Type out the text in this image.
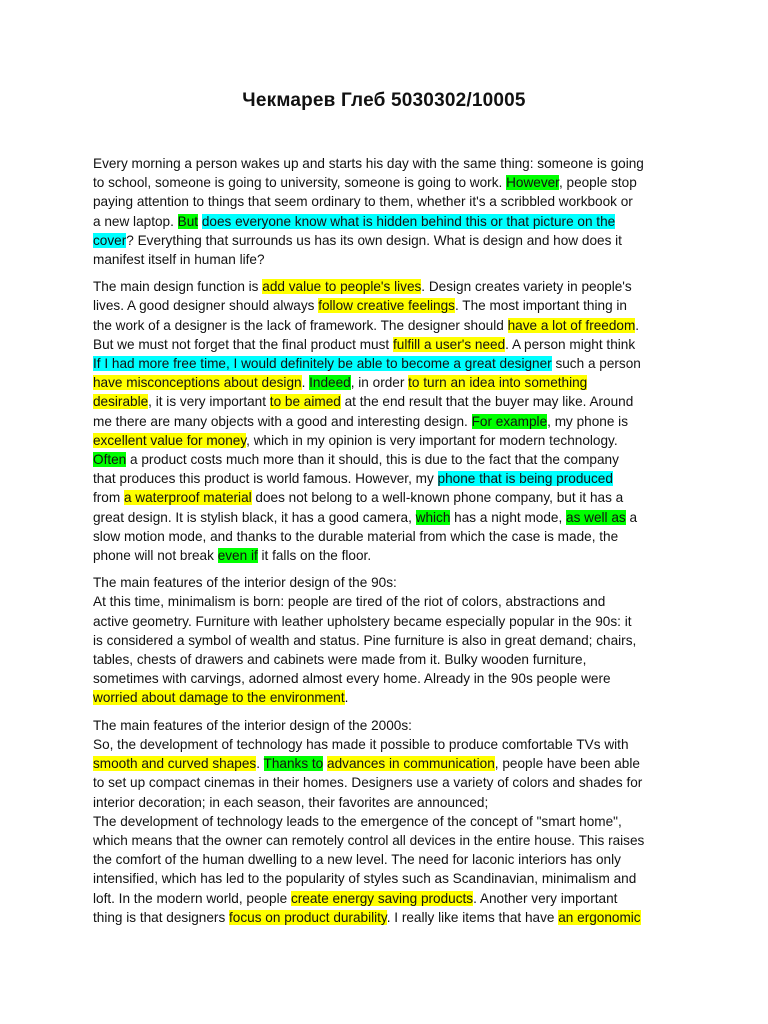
Чекмарев Глеб 5030302/10005
Every morning a person wakes up and starts his day with the same thing: someone is going
to school, someone is going to university, someone is going to work. However, people stop
paying attention to things that seem ordinary to them, whether it's a scribbled workbook or
a new laptop. But does everyone know what is hidden behind this or that picture on the
cover? Everything that surrounds us has its own design. What is design and how does it
manifest itself in human life?
The main design function is add value to people's lives. Design creates variety in people's
lives. A good designer should always follow creative feelings. The most important thing in
the work of a designer is the lack of framework. The designer should have a lot of freedom.
But we must not forget that the final product must fulfill a user's need. A person might think
If I had more free time, I would definitely be able to become a great designer such a person
have misconceptions about design. Indeed, in order to turn an idea into something
desirable, it is very important to be aimed at the end result that the buyer may like. Around
me there are many objects with a good and interesting design. For example, my phone is
excellent value for money, which in my opinion is very important for modern technology.
Often a product costs much more than it should, this is due to the fact that the company
that produces this product is world famous. However, my phone that is being produced
from a waterproof material does not belong to a well-known phone company, but it has a
great design. It is stylish black, it has a good camera, which has a night mode, as well as a
slow motion mode, and thanks to the durable material from which the case is made, the
phone will not break even if it falls on the floor.
The main features of the interior design of the 90s:
At this time, minimalism is born: people are tired of the riot of colors, abstractions and
active geometry. Furniture with leather upholstery became especially popular in the 90s: it
is considered a symbol of wealth and status. Pine furniture is also in great demand; chairs,
tables, chests of drawers and cabinets were made from it. Bulky wooden furniture,
sometimes with carvings, adorned almost every home. Already in the 90s people were
worried about damage to the environment.
The main features of the interior design of the 2000s:
So, the development of technology has made it possible to produce comfortable TVs with
smooth and curved shapes. Thanks to advances in communication, people have been able
to set up compact cinemas in their homes. Designers use a variety of colors and shades for
interior decoration; in each season, their favorites are announced;
The development of technology leads to the emergence of the concept of "smart home",
which means that the owner can remotely control all devices in the entire house. This raises
the comfort of the human dwelling to a new level. The need for laconic interiors has only
intensified, which has led to the popularity of styles such as Scandinavian, minimalism and
loft. In the modern world, people create energy saving products. Another very important
thing is that designers focus on product durability. I really like items that have an ergonomic
